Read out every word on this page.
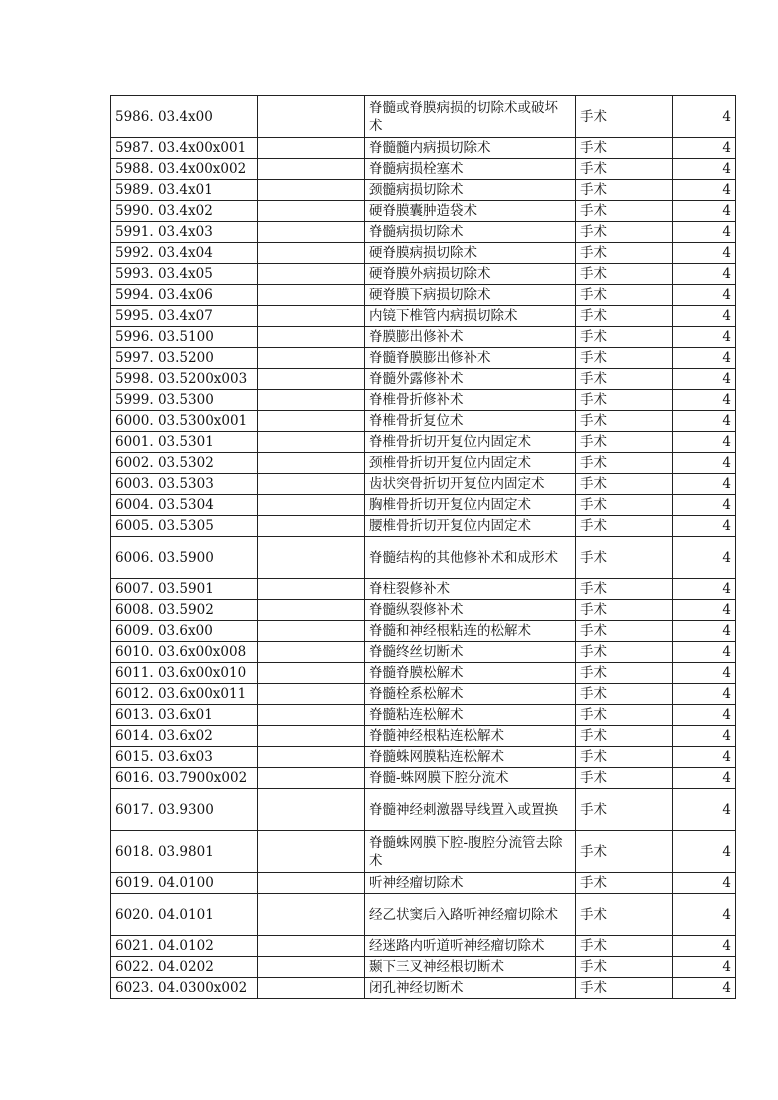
5986. 03.4x00		脊髓或脊膜病损的切除术或破坏术	手术	4
5987. 03.4x00x001		脊髓髓内病损切除术	手术	4
5988. 03.4x00x002		脊髓病损栓塞术	手术	4
5989. 03.4x01		颈髓病损切除术	手术	4
5990. 03.4x02		硬脊膜囊肿造袋术	手术	4
5991. 03.4x03		脊髓病损切除术	手术	4
5992. 03.4x04		硬脊膜病损切除术	手术	4
5993. 03.4x05		硬脊膜外病损切除术	手术	4
5994. 03.4x06		硬脊膜下病损切除术	手术	4
5995. 03.4x07		内镜下椎管内病损切除术	手术	4
5996. 03.5100		脊膜膨出修补术	手术	4
5997. 03.5200		脊髓脊膜膨出修补术	手术	4
5998. 03.5200x003		脊髓外露修补术	手术	4
5999. 03.5300		脊椎骨折修补术	手术	4
6000. 03.5300x001		脊椎骨折复位术	手术	4
6001. 03.5301		脊椎骨折切开复位内固定术	手术	4
6002. 03.5302		颈椎骨折切开复位内固定术	手术	4
6003. 03.5303		齿状突骨折切开复位内固定术	手术	4
6004. 03.5304		胸椎骨折切开复位内固定术	手术	4
6005. 03.5305		腰椎骨折切开复位内固定术	手术	4
6006. 03.5900		脊髓结构的其他修补术和成形术	手术	4
6007. 03.5901		脊柱裂修补术	手术	4
6008. 03.5902		脊髓纵裂修补术	手术	4
6009. 03.6x00		脊髓和神经根粘连的松解术	手术	4
6010. 03.6x00x008		脊髓终丝切断术	手术	4
6011. 03.6x00x010		脊髓脊膜松解术	手术	4
6012. 03.6x00x011		脊髓栓系松解术	手术	4
6013. 03.6x01		脊髓粘连松解术	手术	4
6014. 03.6x02		脊髓神经根粘连松解术	手术	4
6015. 03.6x03		脊髓蛛网膜粘连松解术	手术	4
6016. 03.7900x002		脊髓-蛛网膜下腔分流术	手术	4
6017. 03.9300		脊髓神经刺激器导线置入或置换	手术	4
6018. 03.9801		脊髓蛛网膜下腔-腹腔分流管去除术	手术	4
6019. 04.0100		听神经瘤切除术	手术	4
6020. 04.0101		经乙状窦后入路听神经瘤切除术	手术	4
6021. 04.0102		经迷路内听道听神经瘤切除术	手术	4
6022. 04.0202		颞下三叉神经根切断术	手术	4
6023. 04.0300x002		闭孔神经切断术	手术	4
